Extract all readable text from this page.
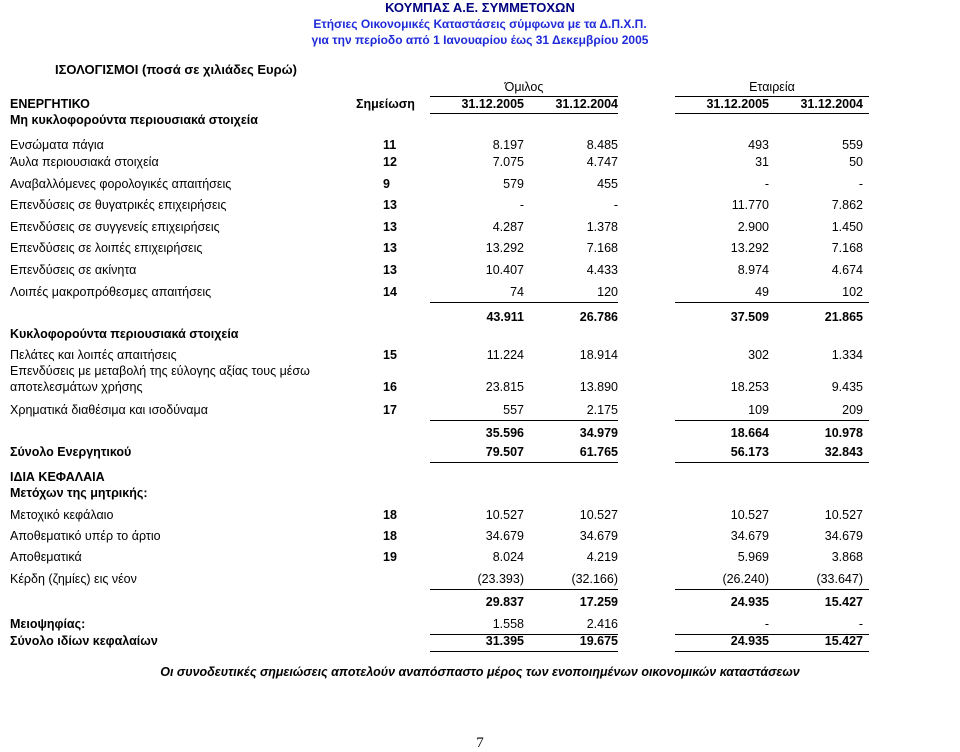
ΚΟΥΜΠΑΣ Α.Ε. ΣΥΜΜΕΤΟΧΩΝ
Ετήσιες Οικονομικές Καταστάσεις σύμφωνα με τα Δ.Π.Χ.Π.
για την περίοδο από 1 Ιανουαρίου έως 31 Δεκεμβρίου 2005
ΙΣΟΛΟΓΙΣΜΟΙ (ποσά σε χιλιάδες Ευρώ)
Όμιλος	Εταιρεία
ΕΝΕΡΓΗΤΙΚΟ	Σημείωση	31.12.2005	31.12.2004	31.12.2005	31.12.2004
Μη κυκλοφορούντα περιουσιακά στοιχεία
Ενσώματα πάγια	11	8.197	8.485	493	559
Άυλα περιουσιακά στοιχεία	12	7.075	4.747	31	50
Αναβαλλόμενες φορολογικές απαιτήσεις	9	579	455	-	-
Επενδύσεις σε θυγατρικές επιχειρήσεις	13	-	-	11.770	7.862
Επενδύσεις σε συγγενείς επιχειρήσεις	13	4.287	1.378	2.900	1.450
Επενδύσεις σε λοιπές επιχειρήσεις	13	13.292	7.168	13.292	7.168
Επενδύσεις σε ακίνητα	13	10.407	4.433	8.974	4.674
Λοιπές μακροπρόθεσμες απαιτήσεις	14	74	120	49	102
43.911	26.786	37.509	21.865
Κυκλοφορούντα περιουσιακά στοιχεία
Πελάτες και λοιπές απαιτήσεις	15	11.224	18.914	302	1.334
Επενδύσεις με μεταβολή της εύλογης αξίας τους μέσω
αποτελεσμάτων χρήσης	16	23.815	13.890	18.253	9.435
Χρηματικά διαθέσιμα και ισοδύναμα	17	557	2.175	109	209
35.596	34.979	18.664	10.978
Σύνολο Ενεργητικού	79.507	61.765	56.173	32.843
ΙΔΙΑ ΚΕΦΑΛΑΙΑ
Μετόχων της μητρικής:
Μετοχικό κεφάλαιο	18	10.527	10.527	10.527	10.527
Αποθεματικό υπέρ το άρτιο	18	34.679	34.679	34.679	34.679
Αποθεματικά	19	8.024	4.219	5.969	3.868
Κέρδη (ζημίες) εις νέον	(23.393)	(32.166)	(26.240)	(33.647)
29.837	17.259	24.935	15.427
Μειοψηφίας:	1.558	2.416	-	-
Σύνολο ιδίων κεφαλαίων	31.395	19.675	24.935	15.427
Οι συνοδευτικές σημειώσεις αποτελούν αναπόσπαστο μέρος των ενοποιημένων οικονομικών καταστάσεων
7
